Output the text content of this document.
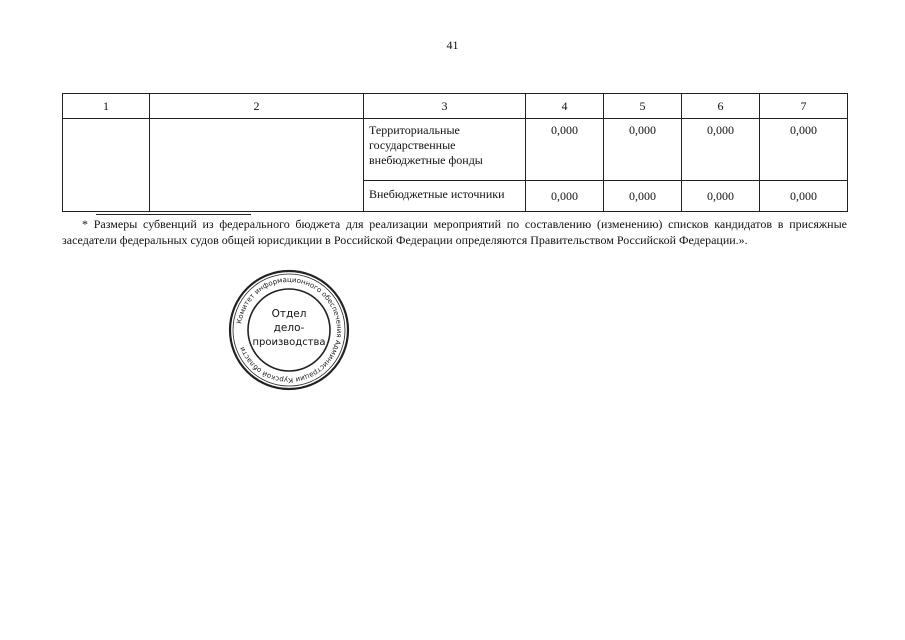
41
1	2	3	4	5	6	7
		Территориальные государственные внебюджетные фонды	0,000	0,000	0,000	0,000
		Внебюджетные источники	0,000	0,000	0,000	0,000

* Размеры субвенций из федерального бюджета для реализации мероприятий по составлению (изменению) списков кандидатов в присяжные заседатели федеральных судов общей юрисдикции в Российской Федерации определяются Правительством Российской Федерации.».

Комитет информационного обеспечения Администрации Курской области
Отдел
дело-
производства
